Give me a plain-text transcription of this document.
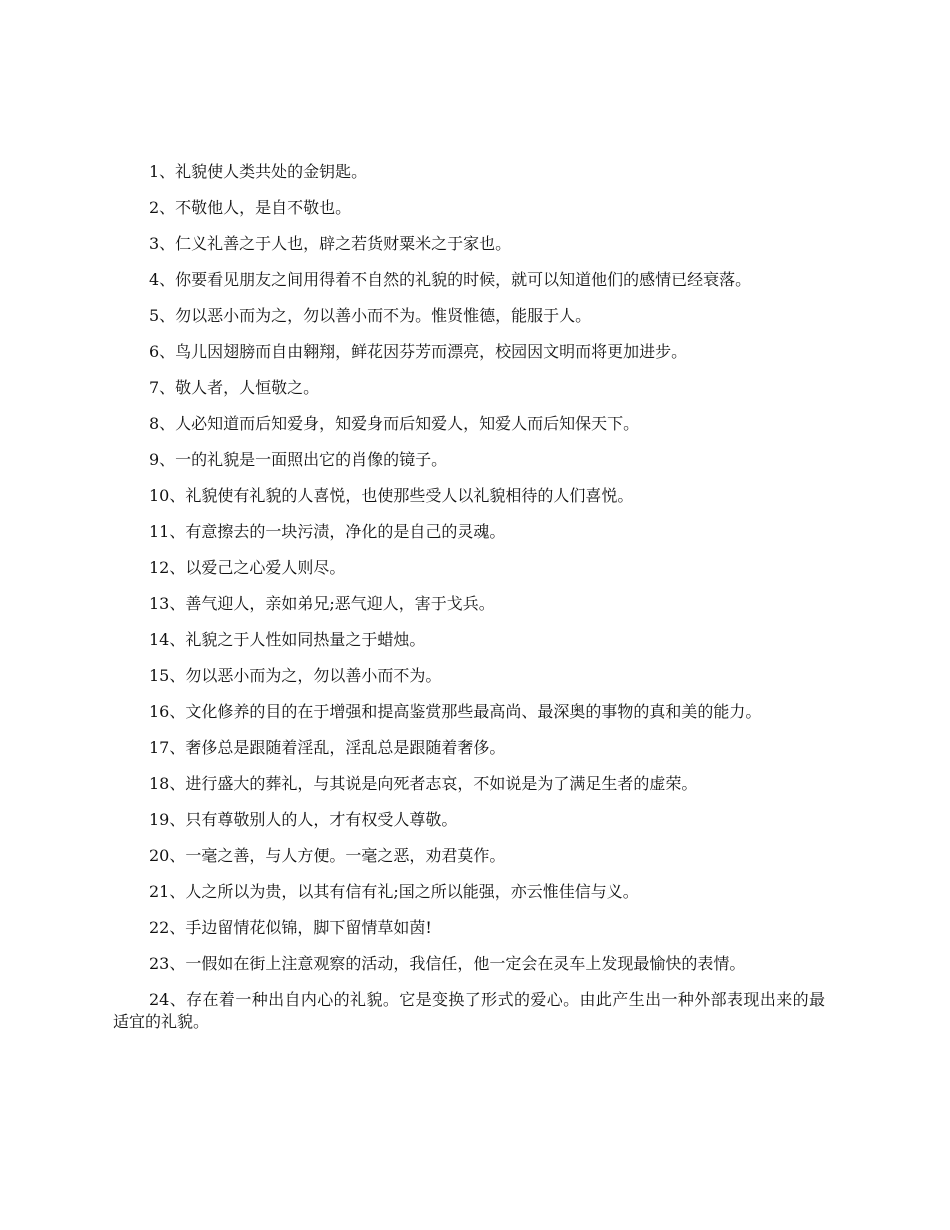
1、礼貌使人类共处的金钥匙。

2、不敬他人，是自不敬也。

3、仁义礼善之于人也，辟之若货财粟米之于家也。

4、你要看见朋友之间用得着不自然的礼貌的时候，就可以知道他们的感情已经衰落。

5、勿以恶小而为之，勿以善小而不为。惟贤惟德，能服于人。

6、鸟儿因翅膀而自由翱翔，鲜花因芬芳而漂亮，校园因文明而将更加进步。

7、敬人者，人恒敬之。

8、人必知道而后知爱身，知爱身而后知爱人，知爱人而后知保天下。

9、一的礼貌是一面照出它的肖像的镜子。

10、礼貌使有礼貌的人喜悦，也使那些受人以礼貌相待的人们喜悦。

11、有意擦去的一块污渍，净化的是自己的灵魂。

12、以爱己之心爱人则尽。

13、善气迎人，亲如弟兄;恶气迎人，害于戈兵。

14、礼貌之于人性如同热量之于蜡烛。

15、勿以恶小而为之，勿以善小而不为。

16、文化修养的目的在于增强和提高鉴赏那些最高尚、最深奥的事物的真和美的能力。

17、奢侈总是跟随着淫乱，淫乱总是跟随着奢侈。

18、进行盛大的葬礼，与其说是向死者志哀，不如说是为了满足生者的虚荣。

19、只有尊敬别人的人，才有权受人尊敬。

20、一毫之善，与人方便。一毫之恶，劝君莫作。

21、人之所以为贵，以其有信有礼;国之所以能强，亦云惟佳信与义。

22、手边留情花似锦，脚下留情草如茵!

23、一假如在街上注意观察的活动，我信任，他一定会在灵车上发现最愉快的表情。

24、存在着一种出自内心的礼貌。它是变换了形式的爱心。由此产生出一种外部表现出来的最适宜的礼貌。
